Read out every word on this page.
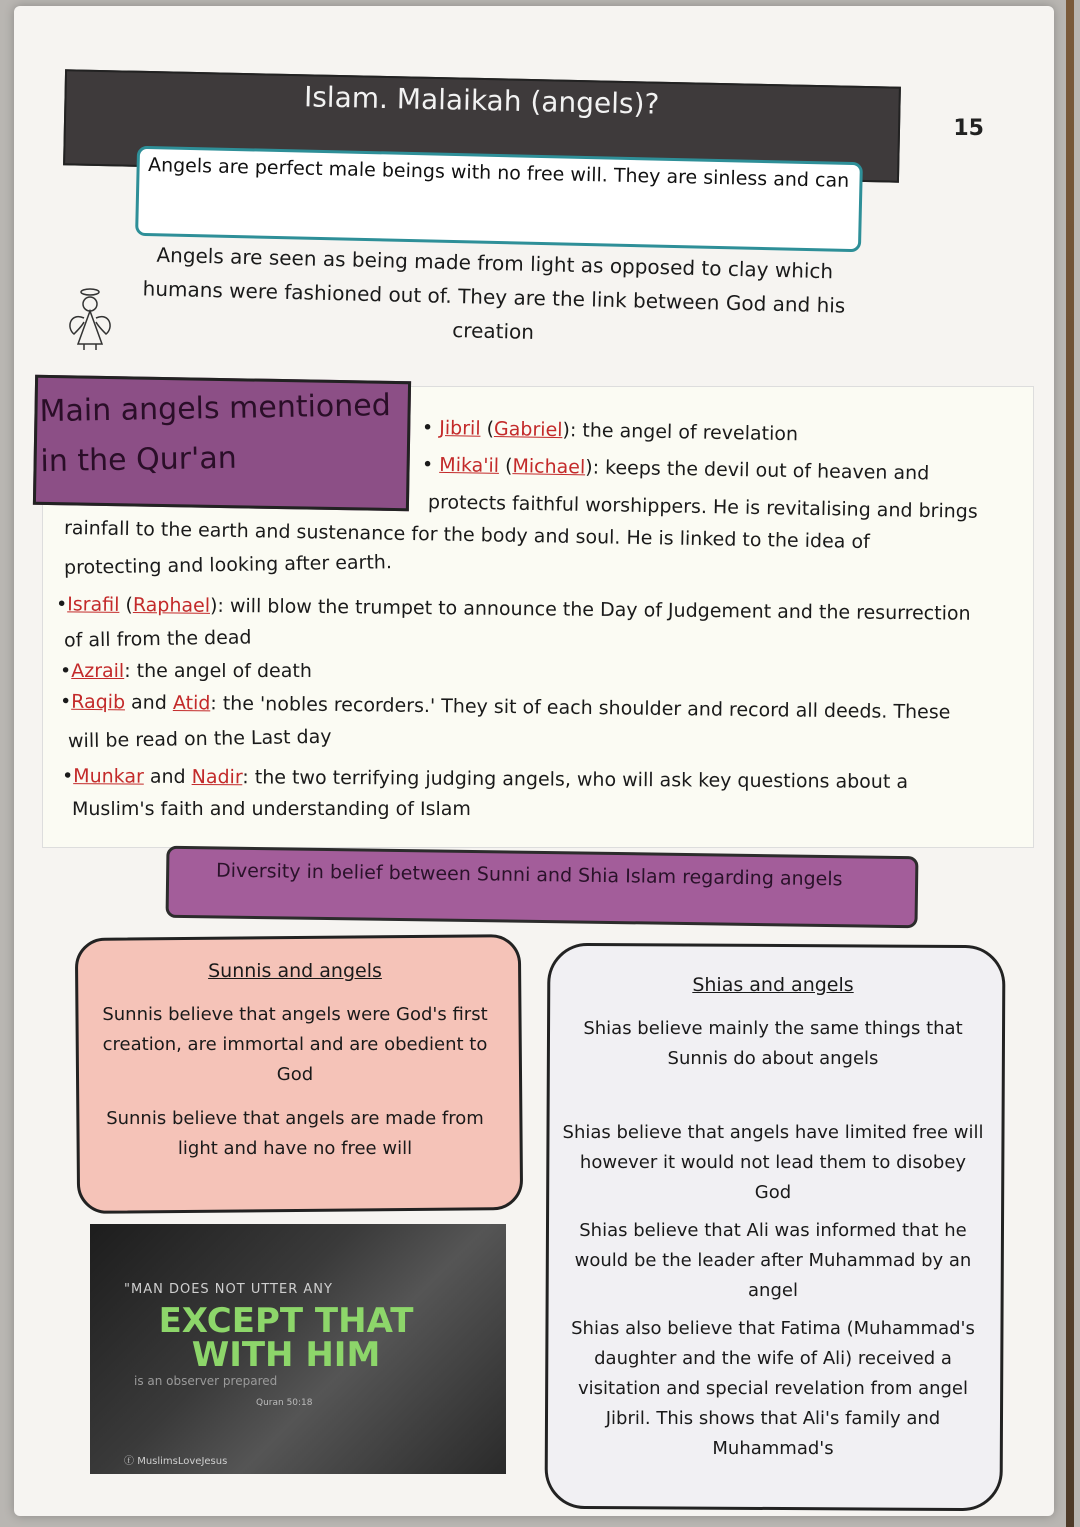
Islam. Malaikah (angels)?
15
Angels are perfect male beings with no free will. They are sinless and can
Angels are seen as being made from light as opposed to clay which
humans were fashioned out of. They are the link between God and his
creation
Main angels mentioned
in the Qur'an
• Jibril (Gabriel): the angel of revelation
• Mika'il (Michael): keeps the devil out of heaven and
protects faithful worshippers. He is revitalising and brings
rainfall to the earth and sustenance for the body and soul. He is linked to the idea of
protecting and looking after earth.
•Israfil (Raphael): will blow the trumpet to announce the Day of Judgement and the resurrection
of all from the dead
•Azrail: the angel of death
•Raqib and Atid: the 'nobles recorders.' They sit of each shoulder and record all deeds. These
will be read on the Last day
•Munkar and Nadir: the two terrifying judging angels, who will ask key questions about a
Muslim's faith and understanding of Islam
Diversity in belief between Sunni and Shia Islam regarding angels
Sunnis and angels
Sunnis believe that angels were God's first creation, are immortal and are obedient to God
Sunnis believe that angels are made from light and have no free will
Shias and angels
Shias believe mainly the same things that Sunnis do about angels
Shias believe that angels have limited free will however it would not lead them to disobey God
Shias believe that Ali was informed that he would be the leader after Muhammad by an angel
Shias also believe that Fatima (Muhammad's daughter and the wife of Ali) received a visitation and special revelation from angel Jibril. This shows that Ali's family and Muhammad's
"MAN DOES NOT UTTER ANY
EXCEPT THAT
WITH HIM
is an observer prepared
Quran 50:18
ⓕ MuslimsLoveJesus
